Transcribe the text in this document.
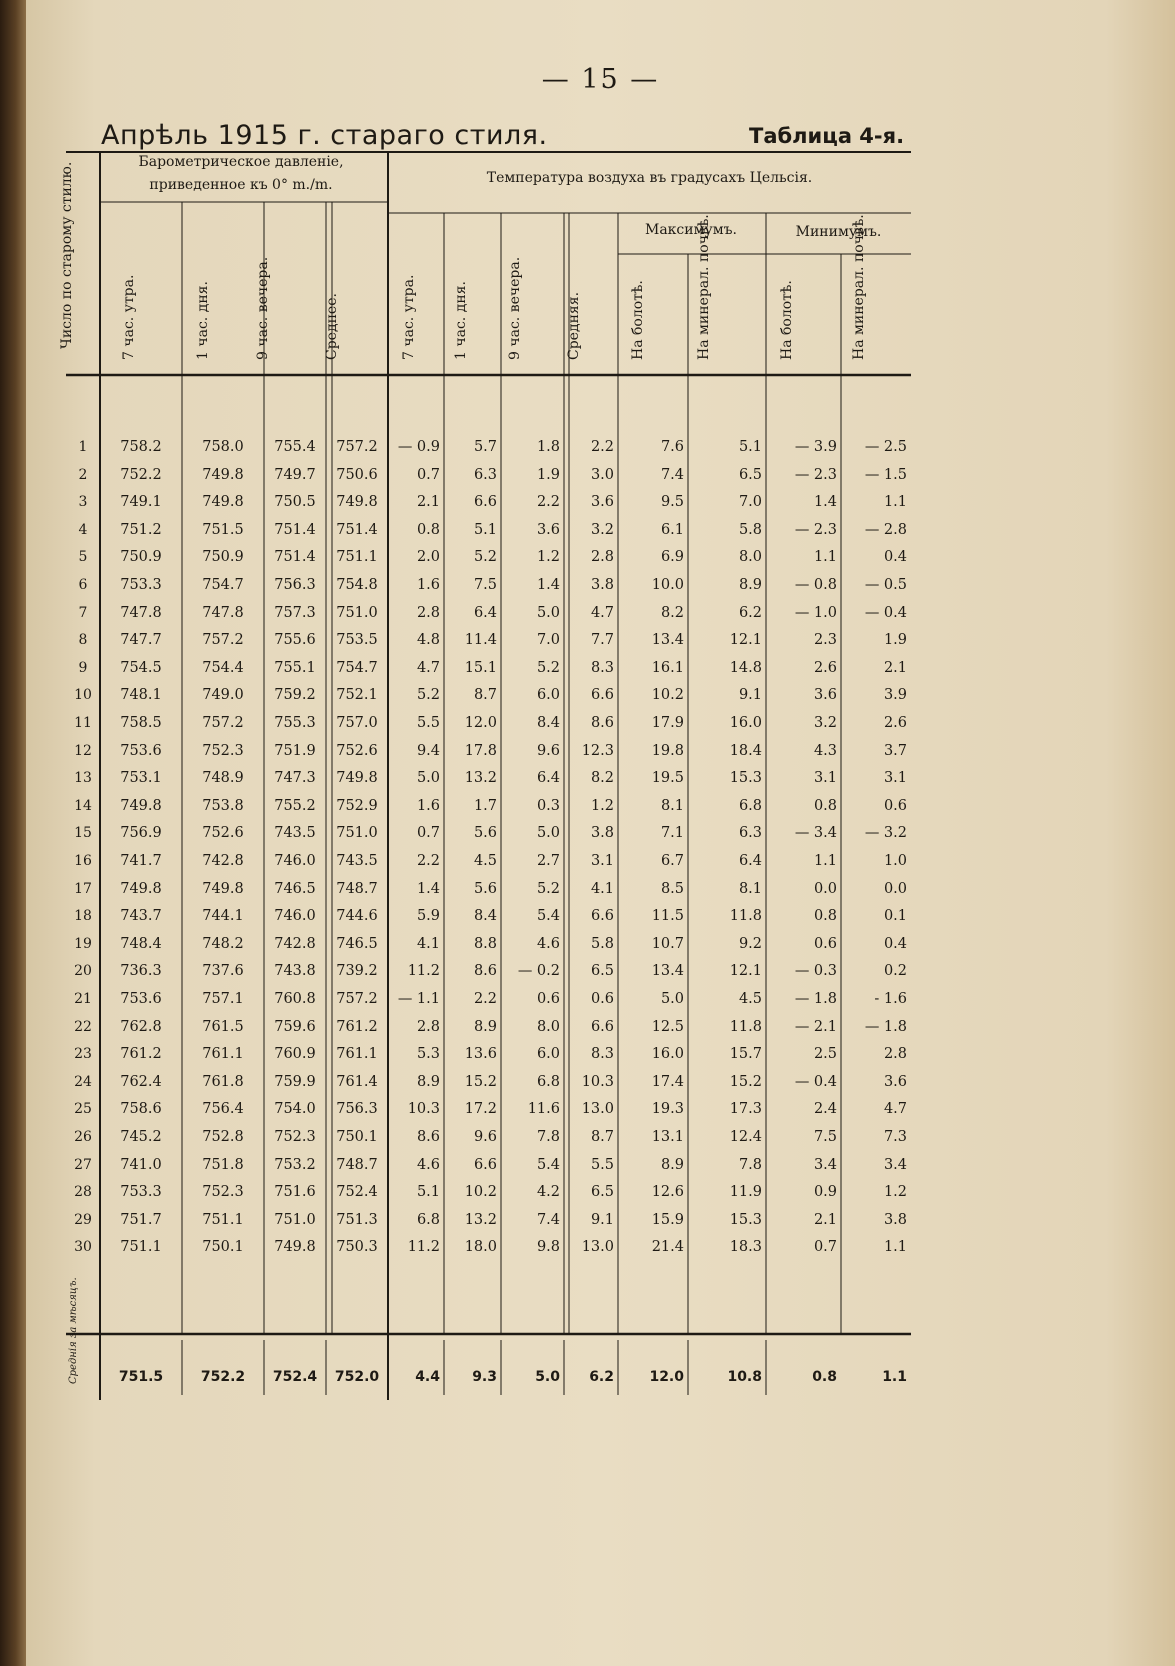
— 15 —
Апрѣль 1915 г. стараго стиля.	Таблица 4-я.
Число по старому стилю.	Барометрическое давленіе,
приведенное къ 0° m./m.	Температура воздуха въ градусахъ Цельсія.
Максимумъ.	Минимумъ.
7 час. утра.	1 час. дня.	9 час. вечера.	Среднее.	7 час. утра.	1 час. дня.	9 час. вечера.	Средняя.	На болотѣ.	На минерал. почвѣ.	На болотѣ.	На минерал. почвѣ.
Среднія за мѣсяцъ.
1	758.2	758.0	755.4	757.2	— 0.9	5.7	1.8	2.2	7.6	5.1	— 3.9	— 2.5
2	752.2	749.8	749.7	750.6	0.7	6.3	1.9	3.0	7.4	6.5	— 2.3	— 1.5
3	749.1	749.8	750.5	749.8	2.1	6.6	2.2	3.6	9.5	7.0	1.4	1.1
4	751.2	751.5	751.4	751.4	0.8	5.1	3.6	3.2	6.1	5.8	— 2.3	— 2.8
5	750.9	750.9	751.4	751.1	2.0	5.2	1.2	2.8	6.9	8.0	1.1	0.4
6	753.3	754.7	756.3	754.8	1.6	7.5	1.4	3.8	10.0	8.9	— 0.8	— 0.5
7	747.8	747.8	757.3	751.0	2.8	6.4	5.0	4.7	8.2	6.2	— 1.0	— 0.4
8	747.7	757.2	755.6	753.5	4.8	11.4	7.0	7.7	13.4	12.1	2.3	1.9
9	754.5	754.4	755.1	754.7	4.7	15.1	5.2	8.3	16.1	14.8	2.6	2.1
10	748.1	749.0	759.2	752.1	5.2	8.7	6.0	6.6	10.2	9.1	3.6	3.9
11	758.5	757.2	755.3	757.0	5.5	12.0	8.4	8.6	17.9	16.0	3.2	2.6
12	753.6	752.3	751.9	752.6	9.4	17.8	9.6	12.3	19.8	18.4	4.3	3.7
13	753.1	748.9	747.3	749.8	5.0	13.2	6.4	8.2	19.5	15.3	3.1	3.1
14	749.8	753.8	755.2	752.9	1.6	1.7	0.3	1.2	8.1	6.8	0.8	0.6
15	756.9	752.6	743.5	751.0	0.7	5.6	5.0	3.8	7.1	6.3	— 3.4	— 3.2
16	741.7	742.8	746.0	743.5	2.2	4.5	2.7	3.1	6.7	6.4	1.1	1.0
17	749.8	749.8	746.5	748.7	1.4	5.6	5.2	4.1	8.5	8.1	0.0	0.0
18	743.7	744.1	746.0	744.6	5.9	8.4	5.4	6.6	11.5	11.8	0.8	0.1
19	748.4	748.2	742.8	746.5	4.1	8.8	4.6	5.8	10.7	9.2	0.6	0.4
20	736.3	737.6	743.8	739.2	11.2	8.6	— 0.2	6.5	13.4	12.1	— 0.3	0.2
21	753.6	757.1	760.8	757.2	— 1.1	2.2	0.6	0.6	5.0	4.5	— 1.8	- 1.6
22	762.8	761.5	759.6	761.2	2.8	8.9	8.0	6.6	12.5	11.8	— 2.1	— 1.8
23	761.2	761.1	760.9	761.1	5.3	13.6	6.0	8.3	16.0	15.7	2.5	2.8
24	762.4	761.8	759.9	761.4	8.9	15.2	6.8	10.3	17.4	15.2	— 0.4	3.6
25	758.6	756.4	754.0	756.3	10.3	17.2	11.6	13.0	19.3	17.3	2.4	4.7
26	745.2	752.8	752.3	750.1	8.6	9.6	7.8	8.7	13.1	12.4	7.5	7.3
27	741.0	751.8	753.2	748.7	4.6	6.6	5.4	5.5	8.9	7.8	3.4	3.4
28	753.3	752.3	751.6	752.4	5.1	10.2	4.2	6.5	12.6	11.9	0.9	1.2
29	751.7	751.1	751.0	751.3	6.8	13.2	7.4	9.1	15.9	15.3	2.1	3.8
30	751.1	750.1	749.8	750.3	11.2	18.0	9.8	13.0	21.4	18.3	0.7	1.1
751.5	752.2	752.4	752.0	4.4	9.3	5.0	6.2	12.0	10.8	0.8	1.1
